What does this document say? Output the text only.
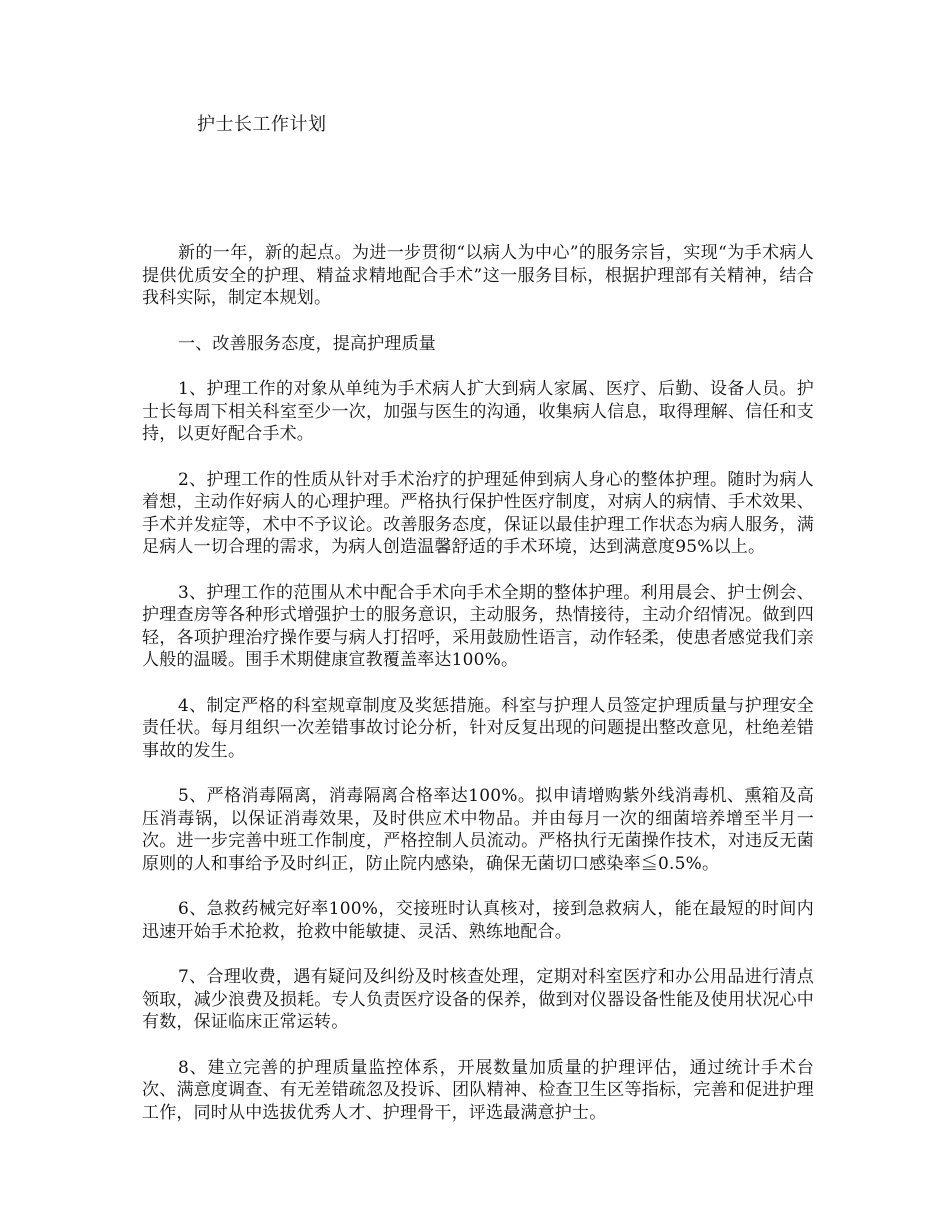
护士长工作计划

新的一年，新的起点。为进一步贯彻“以病人为中心”的服务宗旨，实现“为手术病人提供优质安全的护理、精益求精地配合手术”这一服务目标，根据护理部有关精神，结合我科实际，制定本规划。

一、改善服务态度，提高护理质量

1、护理工作的对象从单纯为手术病人扩大到病人家属、医疗、后勤、设备人员。护士长每周下相关科室至少一次，加强与医生的沟通，收集病人信息，取得理解、信任和支持，以更好配合手术。

2、护理工作的性质从针对手术治疗的护理延伸到病人身心的整体护理。随时为病人着想，主动作好病人的心理护理。严格执行保护性医疗制度，对病人的病情、手术效果、手术并发症等，术中不予议论。改善服务态度，保证以最佳护理工作状态为病人服务，满足病人一切合理的需求，为病人创造温馨舒适的手术环境，达到满意度95%以上。

3、护理工作的范围从术中配合手术向手术全期的整体护理。利用晨会、护士例会、护理查房等各种形式增强护士的服务意识，主动服务，热情接待，主动介绍情况。做到四轻，各项护理治疗操作要与病人打招呼，采用鼓励性语言，动作轻柔，使患者感觉我们亲人般的温暖。围手术期健康宣教覆盖率达100%。

4、制定严格的科室规章制度及奖惩措施。科室与护理人员签定护理质量与护理安全责任状。每月组织一次差错事故讨论分析，针对反复出现的问题提出整改意见，杜绝差错事故的发生。

5、严格消毒隔离，消毒隔离合格率达100%。拟申请增购紫外线消毒机、熏箱及高压消毒锅，以保证消毒效果，及时供应术中物品。并由每月一次的细菌培养增至半月一次。进一步完善中班工作制度，严格控制人员流动。严格执行无菌操作技术，对违反无菌原则的人和事给予及时纠正，防止院内感染，确保无菌切口感染率≦0.5%。

6、急救药械完好率100%，交接班时认真核对，接到急救病人，能在最短的时间内迅速开始手术抢救，抢救中能敏捷、灵活、熟练地配合。

7、合理收费，遇有疑问及纠纷及时核查处理，定期对科室医疗和办公用品进行清点领取，减少浪费及损耗。专人负责医疗设备的保养，做到对仪器设备性能及使用状况心中有数，保证临床正常运转。

8、建立完善的护理质量监控体系，开展数量加质量的护理评估，通过统计手术台次、满意度调查、有无差错疏忽及投诉、团队精神、检查卫生区等指标，完善和促进护理工作，同时从中选拔优秀人才、护理骨干，评选最满意护士。
